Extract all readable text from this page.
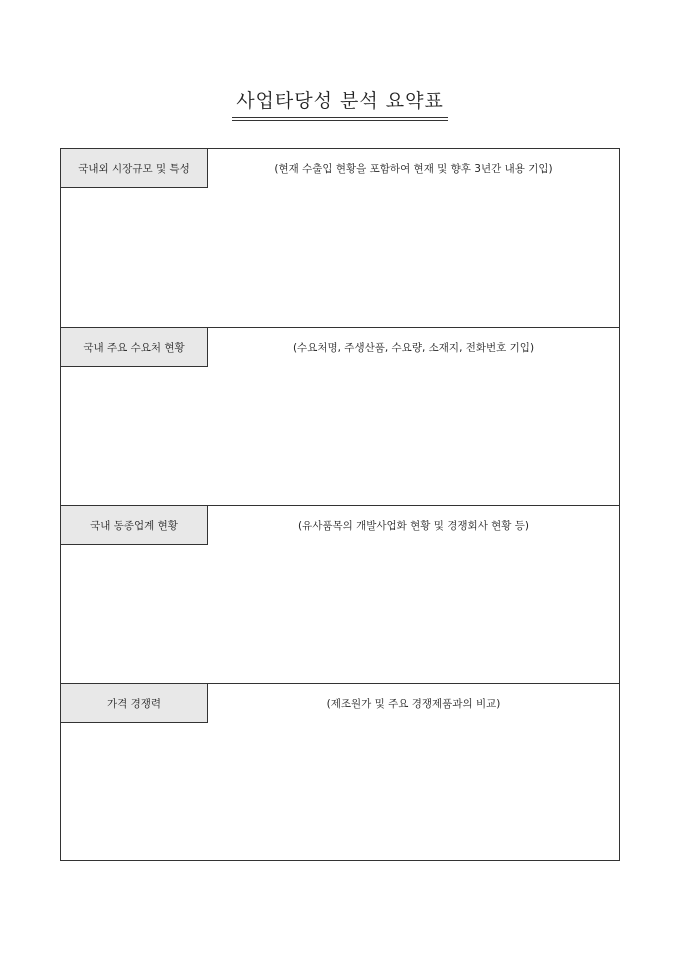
사업타당성 분석 요약표
국내외 시장규모 및 특성	(현재 수출입 현황을 포함하여 현재 및 향후 3년간 내용 기입)
국내 주요 수요처 현황	(수요처명, 주생산품, 수요량, 소재지, 전화번호 기입)
국내 동종업계 현황	(유사품목의 개발사업화 현황 및 경쟁회사 현황 등)
가격 경쟁력	(제조원가 및 주요 경쟁제품과의 비교)
